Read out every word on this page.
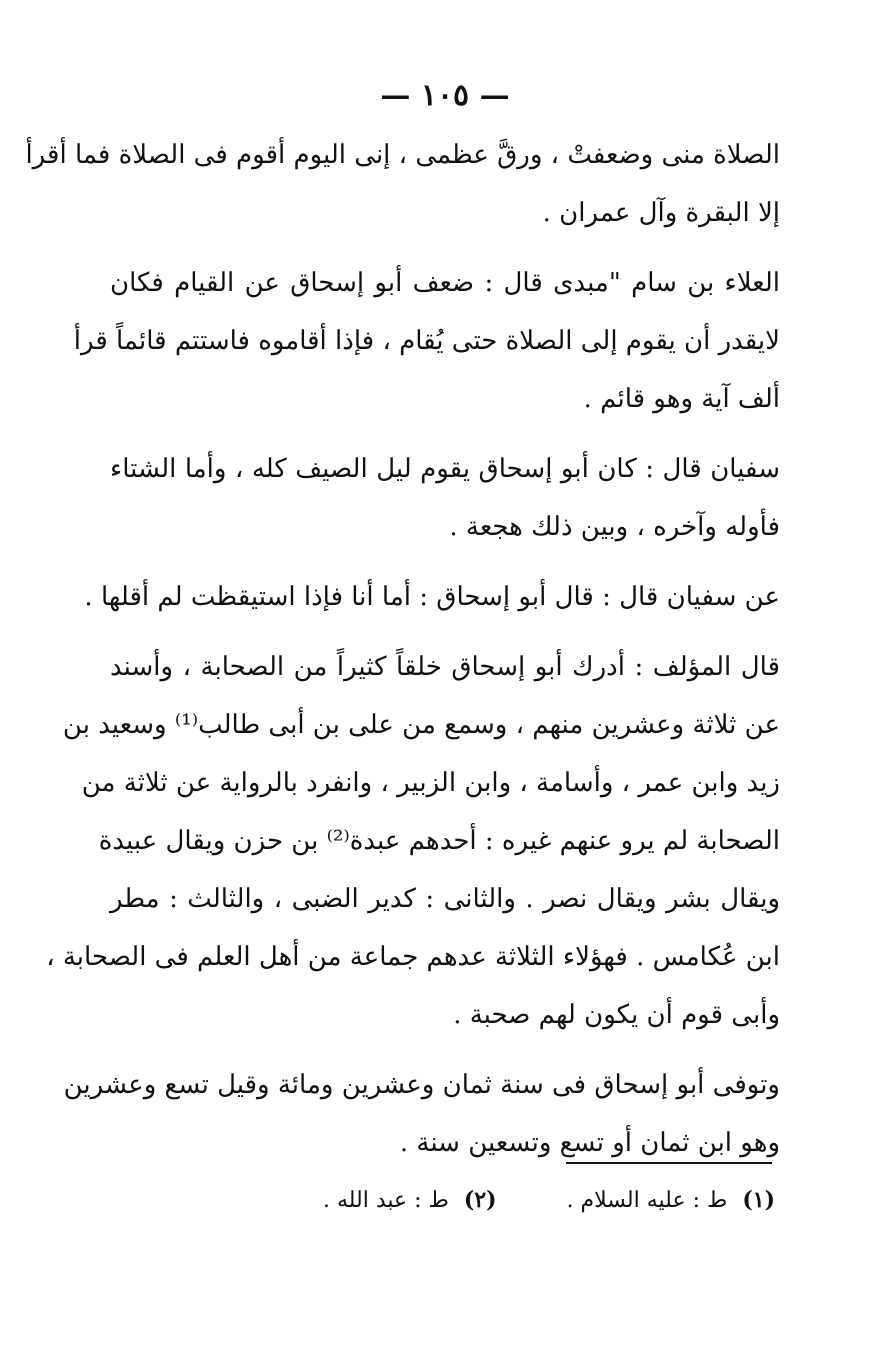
— ١٠٥ —

الصلاة منى وضعفتْ ، ورقَّ عظمى ، إنى اليوم أقوم فى الصلاة فما أقرأ
إلا البقرة وآل عمران .

العلاء بن سام "مبدى قال : ضعف أبو إسحاق عن القيام فكان
لايقدر أن يقوم إلى الصلاة حتى يُقام ، فإذا أقاموه فاستتم قائماً قرأ
ألف آية وهو قائم .

سفيان قال : كان أبو إسحاق يقوم ليل الصيف كله ، وأما الشتاء
فأوله وآخره ، وبين ذلك هجعة .

عن سفيان قال : قال أبو إسحاق : أما أنا فإذا استيقظت لم أقلها .

قال المؤلف : أدرك أبو إسحاق خلقاً كثيراً من الصحابة ، وأسند
عن ثلاثة وعشرين منهم ، وسمع من على بن أبى طالب⁽¹⁾ وسعيد بن
زيد وابن عمر ، وأسامة ، وابن الزبير ، وانفرد بالرواية عن ثلاثة من
الصحابة لم يرو عنهم غيره : أحدهم عبدة⁽²⁾ بن حزن ويقال عبيدة
ويقال بشر ويقال نصر . والثانى : كدير الضبى ، والثالث : مطر
ابن عُكامس . فهؤلاء الثلاثة عدهم جماعة من أهل العلم فى الصحابة ،
وأبى قوم أن يكون لهم صحبة .

وتوفى أبو إسحاق فى سنة ثمان وعشرين ومائة وقيل تسع وعشرين
وهو ابن ثمان أو تسع وتسعين سنة .

(١) ط : عليه السلام .
(٢) ط : عبد الله .
